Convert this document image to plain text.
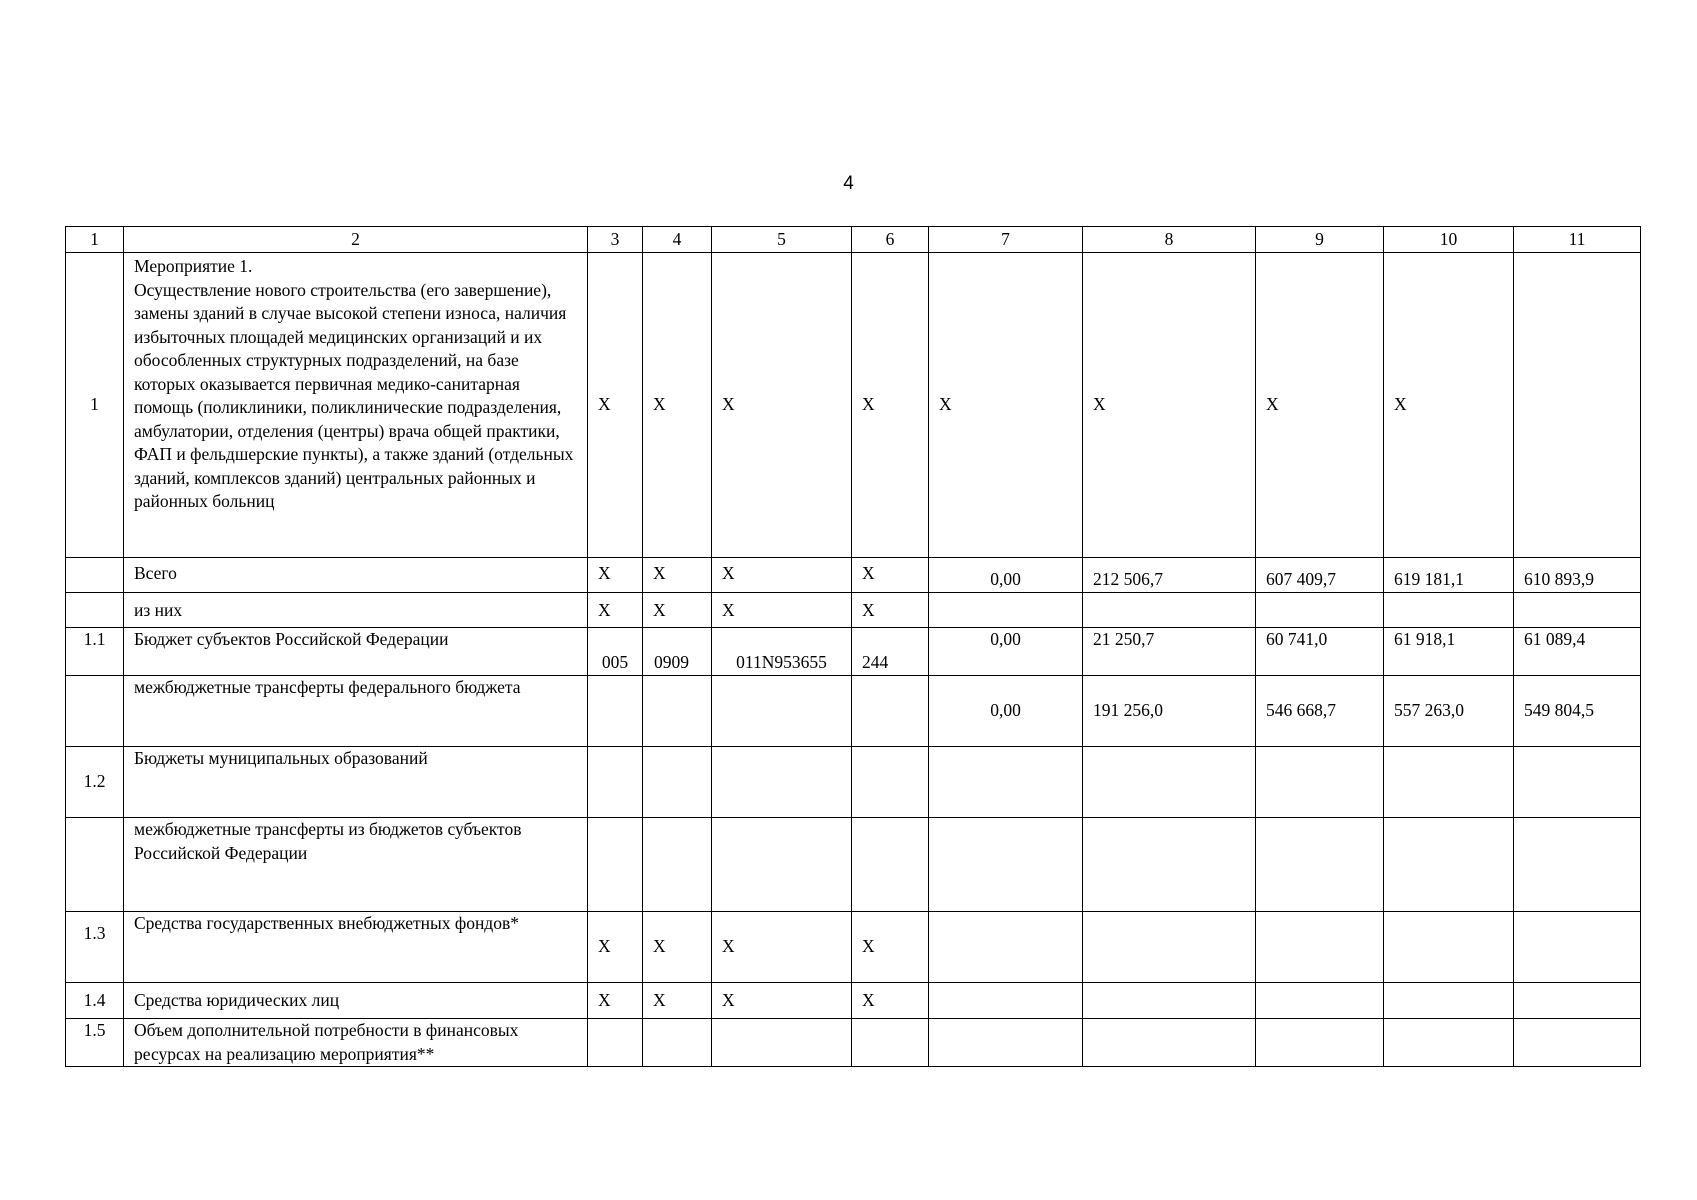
4
1	2	3	4	5	6	7	8	9	10	11
1	Мероприятие 1.
Осуществление нового строительства (его завершение), замены зданий в случае высокой степени износа, наличия избыточных площадей медицинских организаций и их обособленных структурных подразделений, на базе которых оказывается первичная медико-санитарная помощь (поликлиники, поликлинические подразделения, амбулатории, отделения (центры) врача общей практики, ФАП и фельдшерские пункты), а также зданий (отдельных зданий, комплексов зданий) центральных районных и районных больниц	X	X	X	X	X	X	X	X	
	Всего	X	X	X	X	0,00	212 506,7	607 409,7	619 181,1	610 893,9
	из них	X	X	X	X					
1.1	Бюджет субъектов Российской Федерации	005	0909	011N953655	244	0,00	21 250,7	60 741,0	61 918,1	61 089,4
	межбюджетные трансферты федерального бюджета					0,00	191 256,0	546 668,7	557 263,0	549 804,5
1.2	Бюджеты муниципальных образований									
	межбюджетные трансферты из бюджетов субъектов Российской Федерации									
1.3	Средства государственных внебюджетных фондов*	X	X	X	X					
1.4	Средства юридических лиц	X	X	X	X					
1.5	Объем дополнительной потребности в финансовых ресурсах на реализацию мероприятия**									
